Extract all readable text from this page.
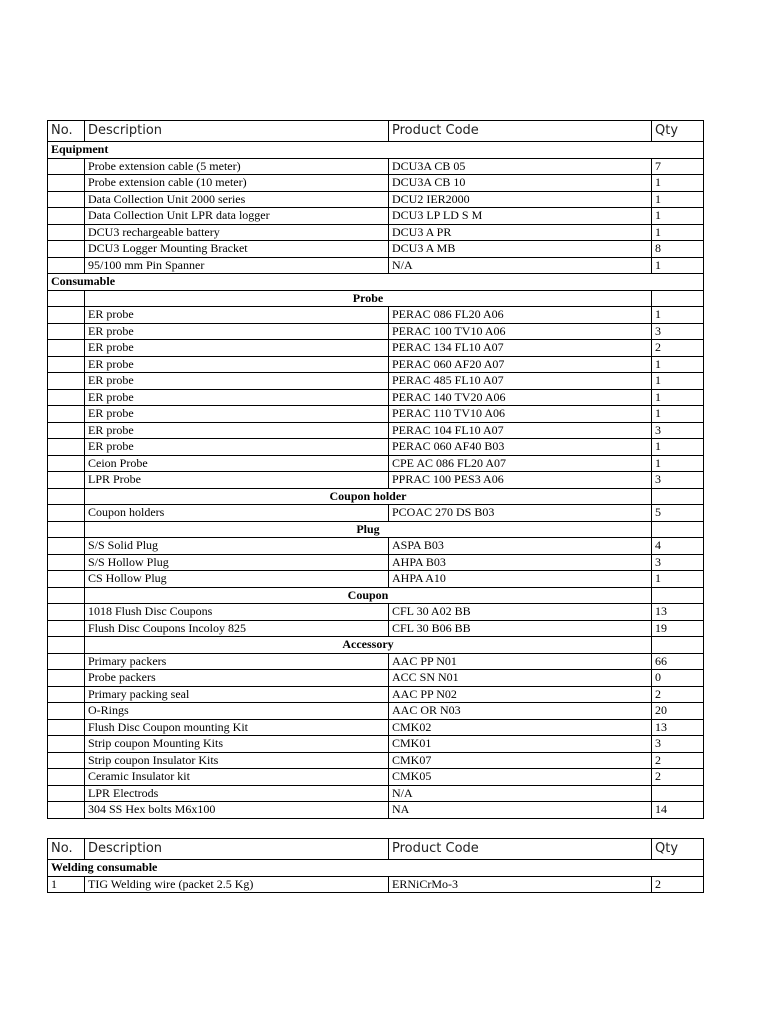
No.	Description	Product Code	Qty
Equipment			
	Probe extension cable (5 meter)	DCU3A CB 05	7
	Probe extension cable (10 meter)	DCU3A CB 10	1
	Data Collection Unit 2000 series	DCU2 IER2000	1
	Data Collection Unit LPR data logger	DCU3 LP LD S M	1
	DCU3 rechargeable battery	DCU3 A PR	1
	DCU3 Logger Mounting Bracket	DCU3 A MB	8
	95/100 mm Pin Spanner	N/A	1
Consumable			
	Probe		
	ER probe	PERAC 086 FL20 A06	1
	ER probe	PERAC 100 TV10 A06	3
	ER probe	PERAC 134 FL10 A07	2
	ER probe	PERAC 060 AF20 A07	1
	ER probe	PERAC 485 FL10 A07	1
	ER probe	PERAC 140 TV20 A06	1
	ER probe	PERAC 110 TV10 A06	1
	ER probe	PERAC 104 FL10 A07	3
	ER probe	PERAC 060 AF40 B03	1
	Ceion Probe	CPE AC 086 FL20 A07	1
	LPR Probe	PPRAC 100 PES3 A06	3
	Coupon holder		
	Coupon holders	PCOAC 270 DS B03	5
	Plug		
	S/S Solid Plug	ASPA B03	4
	S/S Hollow Plug	AHPA B03	3
	CS Hollow Plug	AHPA A10	1
	Coupon		
	1018 Flush Disc Coupons	CFL 30 A02 BB	13
	Flush Disc Coupons Incoloy 825	CFL 30 B06 BB	19
	Accessory		
	Primary packers	AAC PP N01	66
	Probe packers	ACC SN N01	0
	Primary packing seal	AAC PP N02	2
	O-Rings	AAC OR N03	20
	Flush Disc Coupon mounting Kit	CMK02	13
	Strip coupon Mounting Kits	CMK01	3
	Strip coupon Insulator Kits	CMK07	2
	Ceramic Insulator kit	CMK05	2
	LPR Electrods	N/A	
	304 SS Hex bolts M6x100	NA	14
No.	Description	Product Code	Qty
Welding consumable			
1	TIG Welding wire (packet 2.5 Kg)	ERNiCrMo-3	2
